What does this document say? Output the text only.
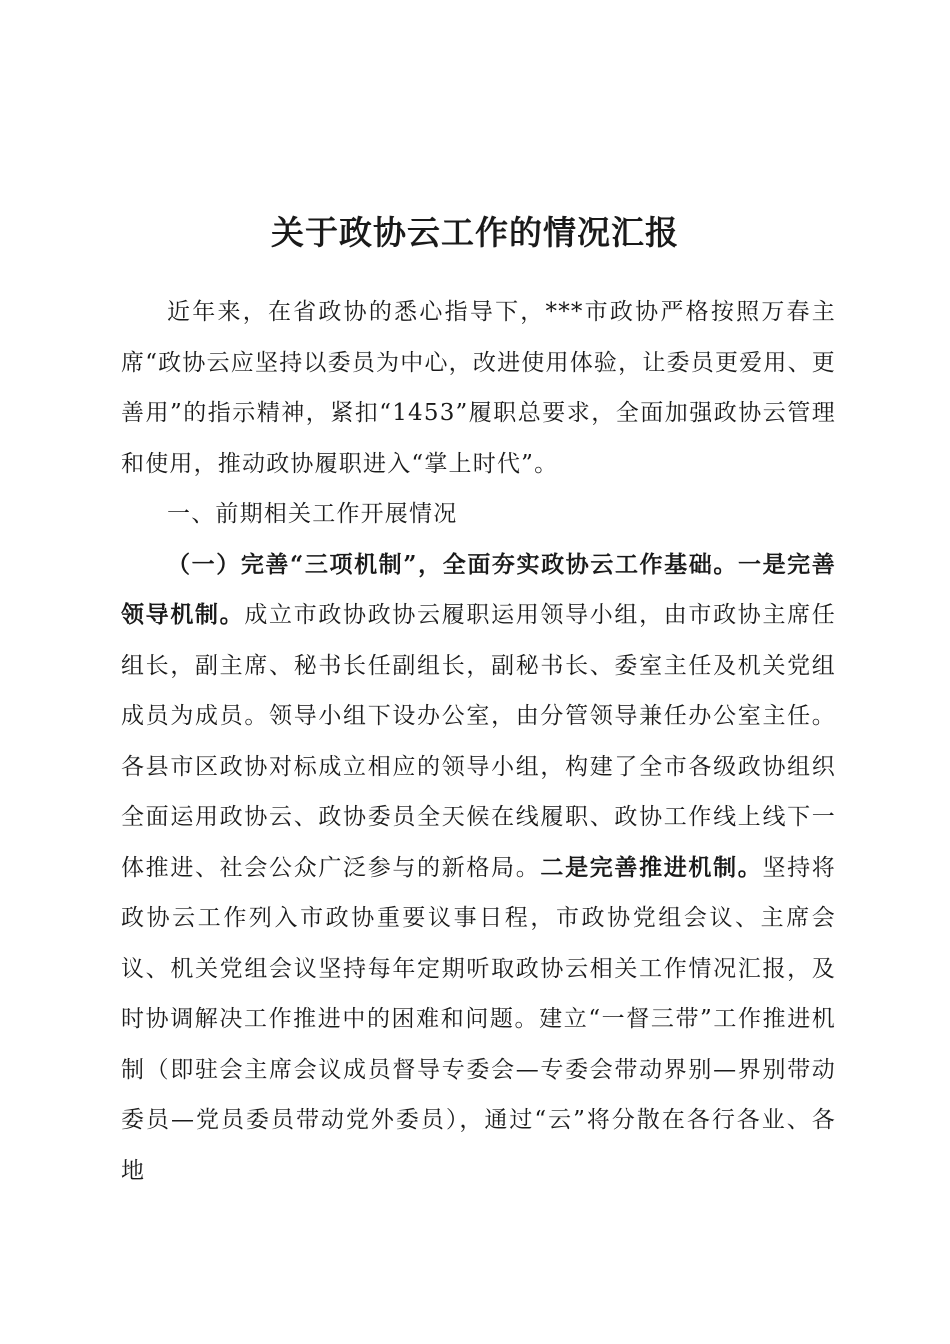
关于政协云工作的情况汇报

近年来，在省政协的悉心指导下，***市政协严格按照万春主席“政协云应坚持以委员为中心，改进使用体验，让委员更爱用、更善用”的指示精神，紧扣“1453”履职总要求，全面加强政协云管理和使用，推动政协履职进入“掌上时代”。

一、前期相关工作开展情况

（一）完善“三项机制”，全面夯实政协云工作基础。一是完善领导机制。成立市政协政协云履职运用领导小组，由市政协主席任组长，副主席、秘书长任副组长，副秘书长、委室主任及机关党组成员为成员。领导小组下设办公室，由分管领导兼任办公室主任。各县市区政协对标成立相应的领导小组，构建了全市各级政协组织全面运用政协云、政协委员全天候在线履职、政协工作线上线下一体推进、社会公众广泛参与的新格局。二是完善推进机制。坚持将政协云工作列入市政协重要议事日程，市政协党组会议、主席会议、机关党组会议坚持每年定期听取政协云相关工作情况汇报，及时协调解决工作推进中的困难和问题。建立“一督三带”工作推进机制（即驻会主席会议成员督导专委会—专委会带动界别—界别带动委员—党员委员带动党外委员），通过“云”将分散在各行各业、各地
